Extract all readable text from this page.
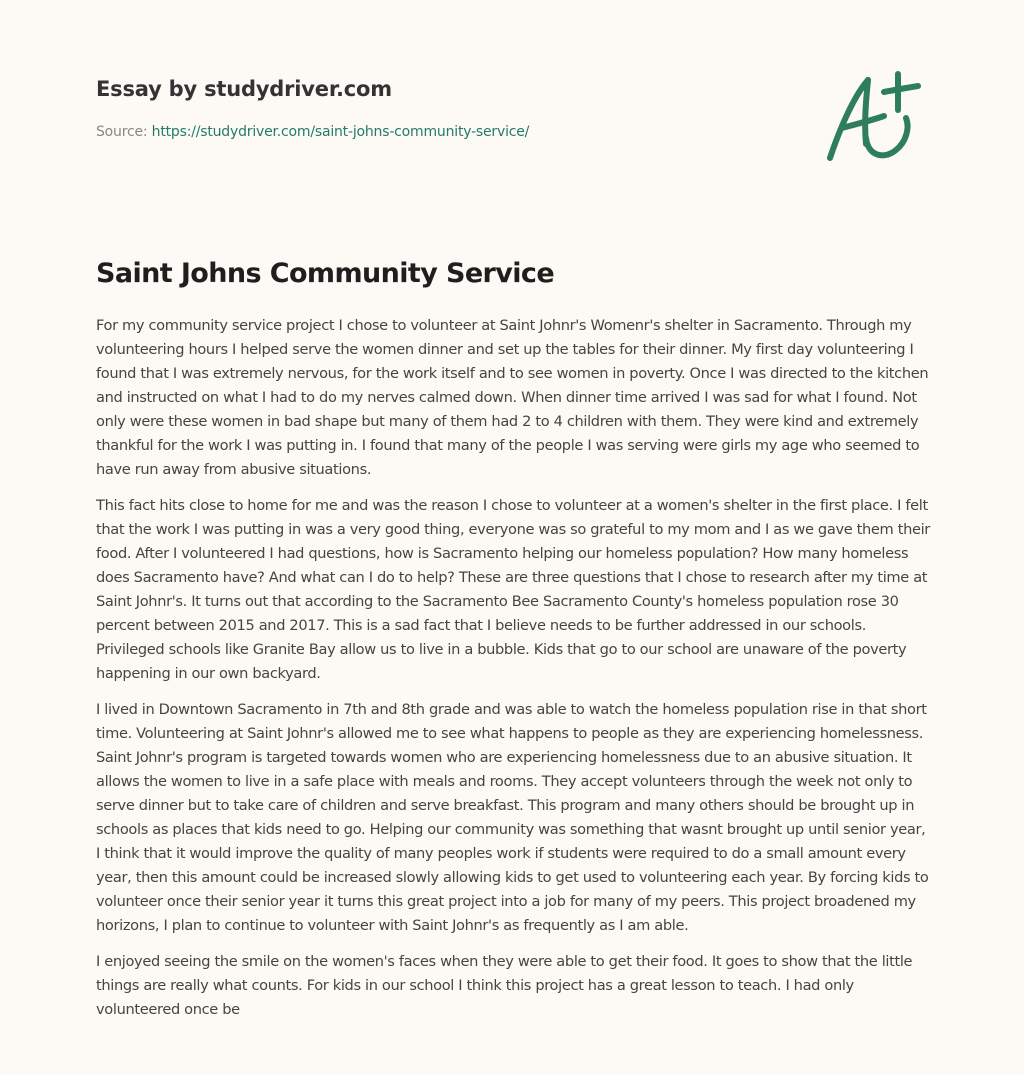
Essay by studydriver.com
Source: https://studydriver.com/saint-johns-community-service/
Saint Johns Community Service

For my community service project I chose to volunteer at Saint Johnr's Womenr's shelter in Sacramento. Through my volunteering hours I helped serve the women dinner and set up the tables for their dinner. My first day volunteering I found that I was extremely nervous, for the work itself and to see women in poverty. Once I was directed to the kitchen and instructed on what I had to do my nerves calmed down. When dinner time arrived I was sad for what I found. Not only were these women in bad shape but many of them had 2 to 4 children with them. They were kind and extremely thankful for the work I was putting in. I found that many of the people I was serving were girls my age who seemed to have run away from abusive situations.

This fact hits close to home for me and was the reason I chose to volunteer at a women's shelter in the first place. I felt that the work I was putting in was a very good thing, everyone was so grateful to my mom and I as we gave them their food. After I volunteered I had questions, how is Sacramento helping our homeless population? How many homeless does Sacramento have? And what can I do to help? These are three questions that I chose to research after my time at Saint Johnr's. It turns out that according to the Sacramento Bee Sacramento County's homeless population rose 30 percent between 2015 and 2017. This is a sad fact that I believe needs to be further addressed in our schools. Privileged schools like Granite Bay allow us to live in a bubble. Kids that go to our school are unaware of the poverty happening in our own backyard.

I lived in Downtown Sacramento in 7th and 8th grade and was able to watch the homeless population rise in that short time. Volunteering at Saint Johnr's allowed me to see what happens to people as they are experiencing homelessness. Saint Johnr's program is targeted towards women who are experiencing homelessness due to an abusive situation. It allows the women to live in a safe place with meals and rooms. They accept volunteers through the week not only to serve dinner but to take care of children and serve breakfast. This program and many others should be brought up in schools as places that kids need to go. Helping our community was something that wasnt brought up until senior year, I think that it would improve the quality of many peoples work if students were required to do a small amount every year, then this amount could be increased slowly allowing kids to get used to volunteering each year. By forcing kids to volunteer once their senior year it turns this great project into a job for many of my peers. This project broadened my horizons, I plan to continue to volunteer with Saint Johnr's as frequently as I am able.

I enjoyed seeing the smile on the women's faces when they were able to get their food. It goes to show that the little things are really what counts. For kids in our school I think this project has a great lesson to teach. I had only volunteered once be
